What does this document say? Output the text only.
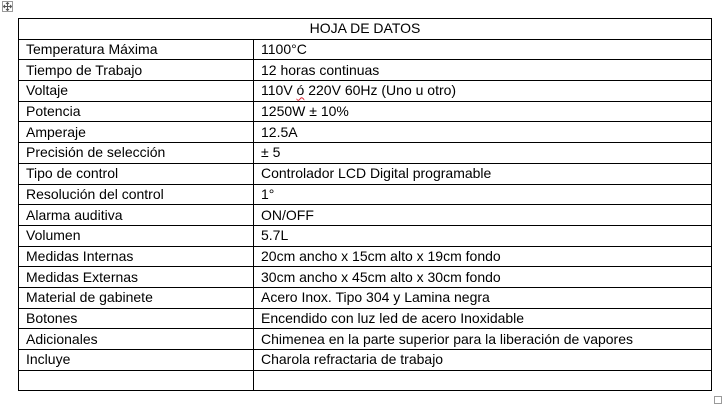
HOJA DE DATOS	
Temperatura Máxima	1100°C
Tiempo de Trabajo	12 horas continuas
Voltaje	110V ó 220V 60Hz (Uno u otro)
Potencia	1250W ± 10%
Amperaje	12.5A
Precisión de selección	± 5
Tipo de control	Controlador LCD Digital programable
Resolución del control	1°
Alarma auditiva	ON/OFF
Volumen	5.7L
Medidas Internas	20cm ancho x 15cm alto x 19cm fondo
Medidas Externas	30cm ancho x 45cm alto x 30cm fondo
Material de gabinete	Acero Inox. Tipo 304 y Lamina negra
Botones	Encendido con luz led de acero Inoxidable
Adicionales	Chimenea en la parte superior para la liberación de vapores
Incluye	Charola refractaria de trabajo
